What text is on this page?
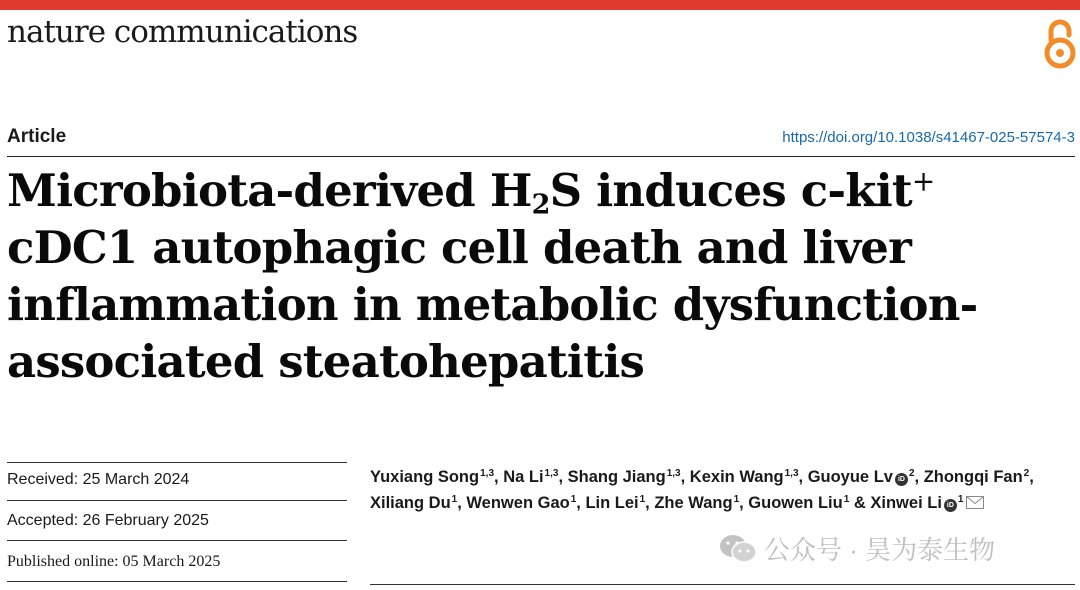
nature communications
Article	https://doi.org/10.1038/s41467-025-57574-3
Microbiota-derived $H_2S$ induces c-kit+ cDC1 autophagic cell death and liver inflammation in metabolic dysfunction-associated steatohepatitis
Received: 25 March 2024
Accepted: 26 February 2025
Published online: 05 March 2025
Yuxiang Song$^{1,3}$, Na Li$^{1,3}$, Shang Jiang$^{1,3}$, Kexin Wang$^{1,3}$, Guoyue Lv $iD^2$, Zhongqi Fan$^2$, Xiliang Du$^1$, Wenwen Gao$^1$, Lin Lei$^1$, Zhe Wang$^1$, Guowen Liu$^1$ & Xinwei Li $iD^1$
公众号 · 昊为泰生物
